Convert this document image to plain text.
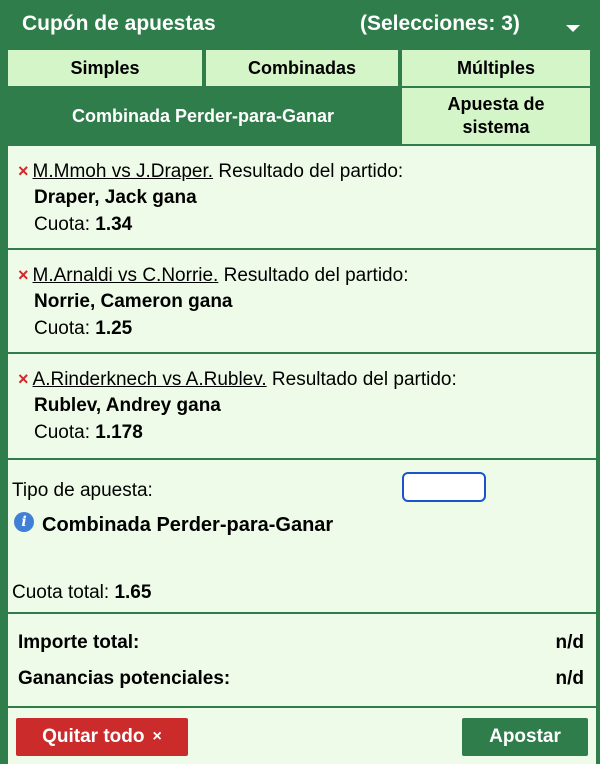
Cupón de apuestas	(Selecciones: 3)
Simples	Combinadas	Múltiples
Combinada Perder-para-Ganar
Apuesta de sistema
× M.Mmoh vs J.Draper. Resultado del partido:
Draper, Jack gana
Cuota: 1.34
× M.Arnaldi vs C.Norrie. Resultado del partido:
Norrie, Cameron gana
Cuota: 1.25
× A.Rinderknech vs A.Rublev. Resultado del partido:
Rublev, Andrey gana
Cuota: 1.178
Tipo de apuesta:
i Combinada Perder-para-Ganar
Cuota total: 1.65
Importe total:	n/d
Ganancias potenciales:	n/d
Quitar todo ×	Apostar
